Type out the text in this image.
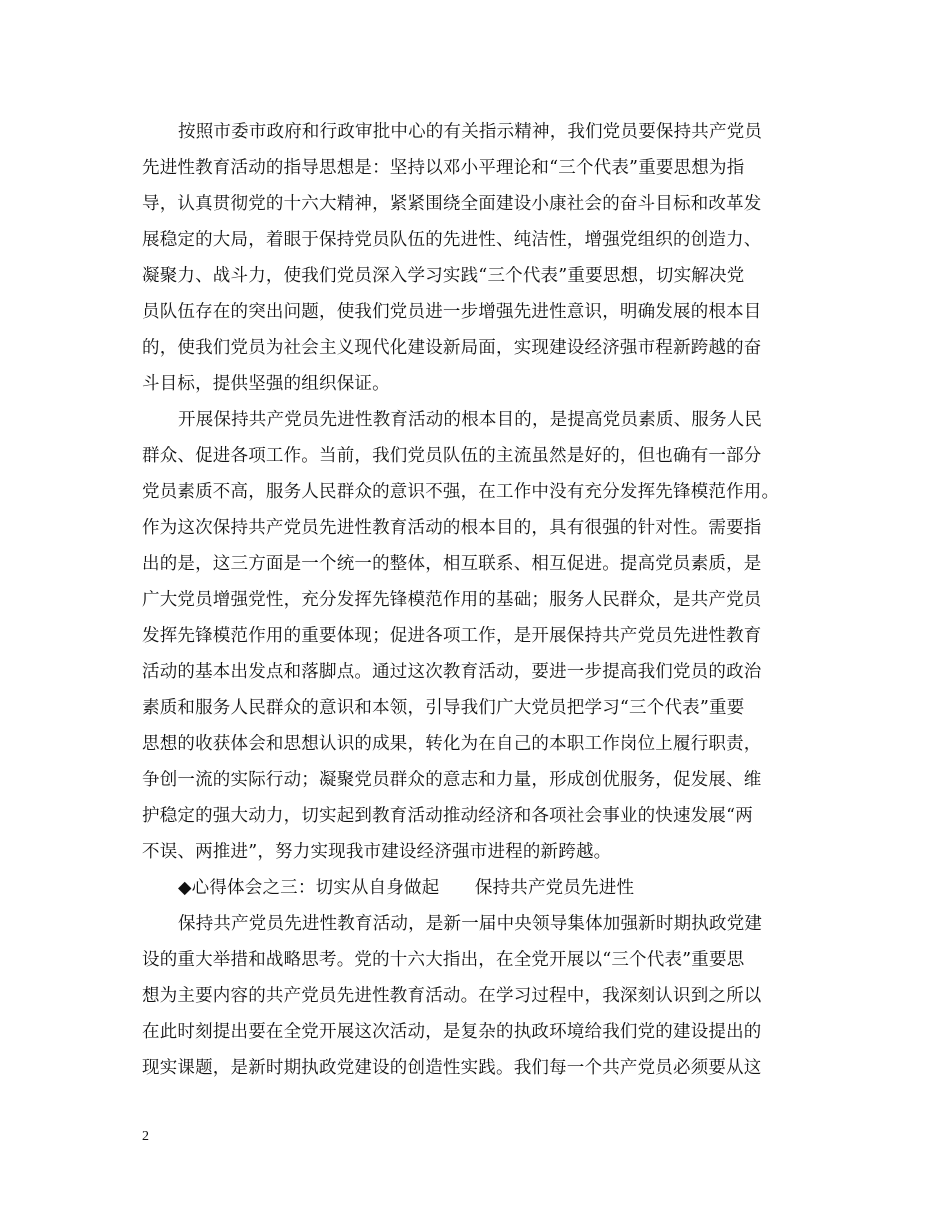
按照市委市政府和行政审批中心的有关指示精神，我们党员要保持共产党员
先进性教育活动的指导思想是：坚持以邓小平理论和“三个代表”重要思想为指
导，认真贯彻党的十六大精神，紧紧围绕全面建设小康社会的奋斗目标和改革发
展稳定的大局，着眼于保持党员队伍的先进性、纯洁性，增强党组织的创造力、
凝聚力、战斗力，使我们党员深入学习实践“三个代表”重要思想，切实解决党
员队伍存在的突出问题，使我们党员进一步增强先进性意识，明确发展的根本目
的，使我们党员为社会主义现代化建设新局面，实现建设经济强市程新跨越的奋
斗目标，提供坚强的组织保证。
开展保持共产党员先进性教育活动的根本目的，是提高党员素质、服务人民
群众、促进各项工作。当前，我们党员队伍的主流虽然是好的，但也确有一部分
党员素质不高，服务人民群众的意识不强，在工作中没有充分发挥先锋模范作用。
作为这次保持共产党员先进性教育活动的根本目的，具有很强的针对性。需要指
出的是，这三方面是一个统一的整体，相互联系、相互促进。提高党员素质，是
广大党员增强党性，充分发挥先锋模范作用的基础；服务人民群众，是共产党员
发挥先锋模范作用的重要体现；促进各项工作，是开展保持共产党员先进性教育
活动的基本出发点和落脚点。通过这次教育活动，要进一步提高我们党员的政治
素质和服务人民群众的意识和本领，引导我们广大党员把学习“三个代表”重要
思想的收获体会和思想认识的成果，转化为在自己的本职工作岗位上履行职责，
争创一流的实际行动；凝聚党员群众的意志和力量，形成创优服务，促发展、维
护稳定的强大动力，切实起到教育活动推动经济和各项社会事业的快速发展“两
不误、两推进”，努力实现我市建设经济强市进程的新跨越。
◆心得体会之三：切实从自身做起　　保持共产党员先进性
保持共产党员先进性教育活动，是新一届中央领导集体加强新时期执政党建
设的重大举措和战略思考。党的十六大指出，在全党开展以“三个代表”重要思
想为主要内容的共产党员先进性教育活动。在学习过程中，我深刻认识到之所以
在此时刻提出要在全党开展这次活动，是复杂的执政环境给我们党的建设提出的
现实课题，是新时期执政党建设的创造性实践。我们每一个共产党员必须要从这
2
